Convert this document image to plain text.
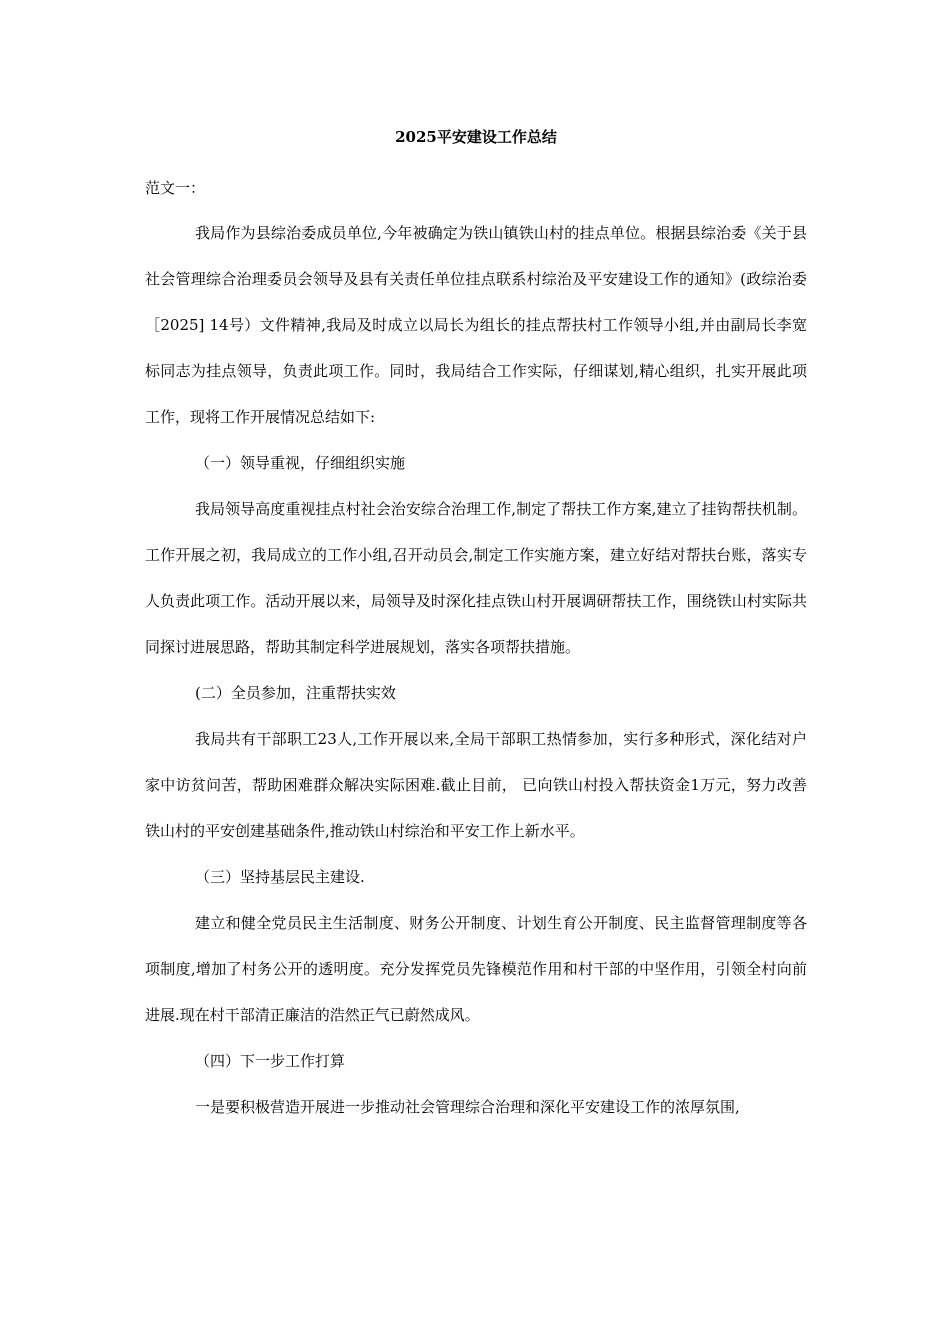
2025平安建设工作总结
范文一：

我局作为县综治委成员单位,今年被确定为铁山镇铁山村的挂点单位。根据县综治委《关于县社会管理综合治理委员会领导及县有关责任单位挂点联系村综治及平安建设工作的通知》(政综治委［2025] 14号）文件精神,我局及时成立以局长为组长的挂点帮扶村工作领导小组,并由副局长李宽标同志为挂点领导，负责此项工作。同时，我局结合工作实际，仔细谋划,精心组织，扎实开展此项工作，现将工作开展情况总结如下:

（一）领导重视，仔细组织实施

我局领导高度重视挂点村社会治安综合治理工作,制定了帮扶工作方案,建立了挂钩帮扶机制。工作开展之初，我局成立的工作小组,召开动员会,制定工作实施方案，建立好结对帮扶台账，落实专人负责此项工作。活动开展以来，局领导及时深化挂点铁山村开展调研帮扶工作，围绕铁山村实际共同探讨进展思路，帮助其制定科学进展规划，落实各项帮扶措施。

(二）全员参加，注重帮扶实效

我局共有干部职工23人,工作开展以来,全局干部职工热情参加，实行多种形式，深化结对户家中访贫问苦，帮助困难群众解决实际困难.截止目前， 已向铁山村投入帮扶资金1万元，努力改善铁山村的平安创建基础条件,推动铁山村综治和平安工作上新水平。

（三）坚持基层民主建设.

建立和健全党员民主生活制度、财务公开制度、计划生育公开制度、民主监督管理制度等各项制度,增加了村务公开的透明度。充分发挥党员先锋模范作用和村干部的中坚作用，引领全村向前进展.现在村干部清正廉洁的浩然正气已蔚然成风。

（四）下一步工作打算

一是要积极营造开展进一步推动社会管理综合治理和深化平安建设工作的浓厚氛围,
